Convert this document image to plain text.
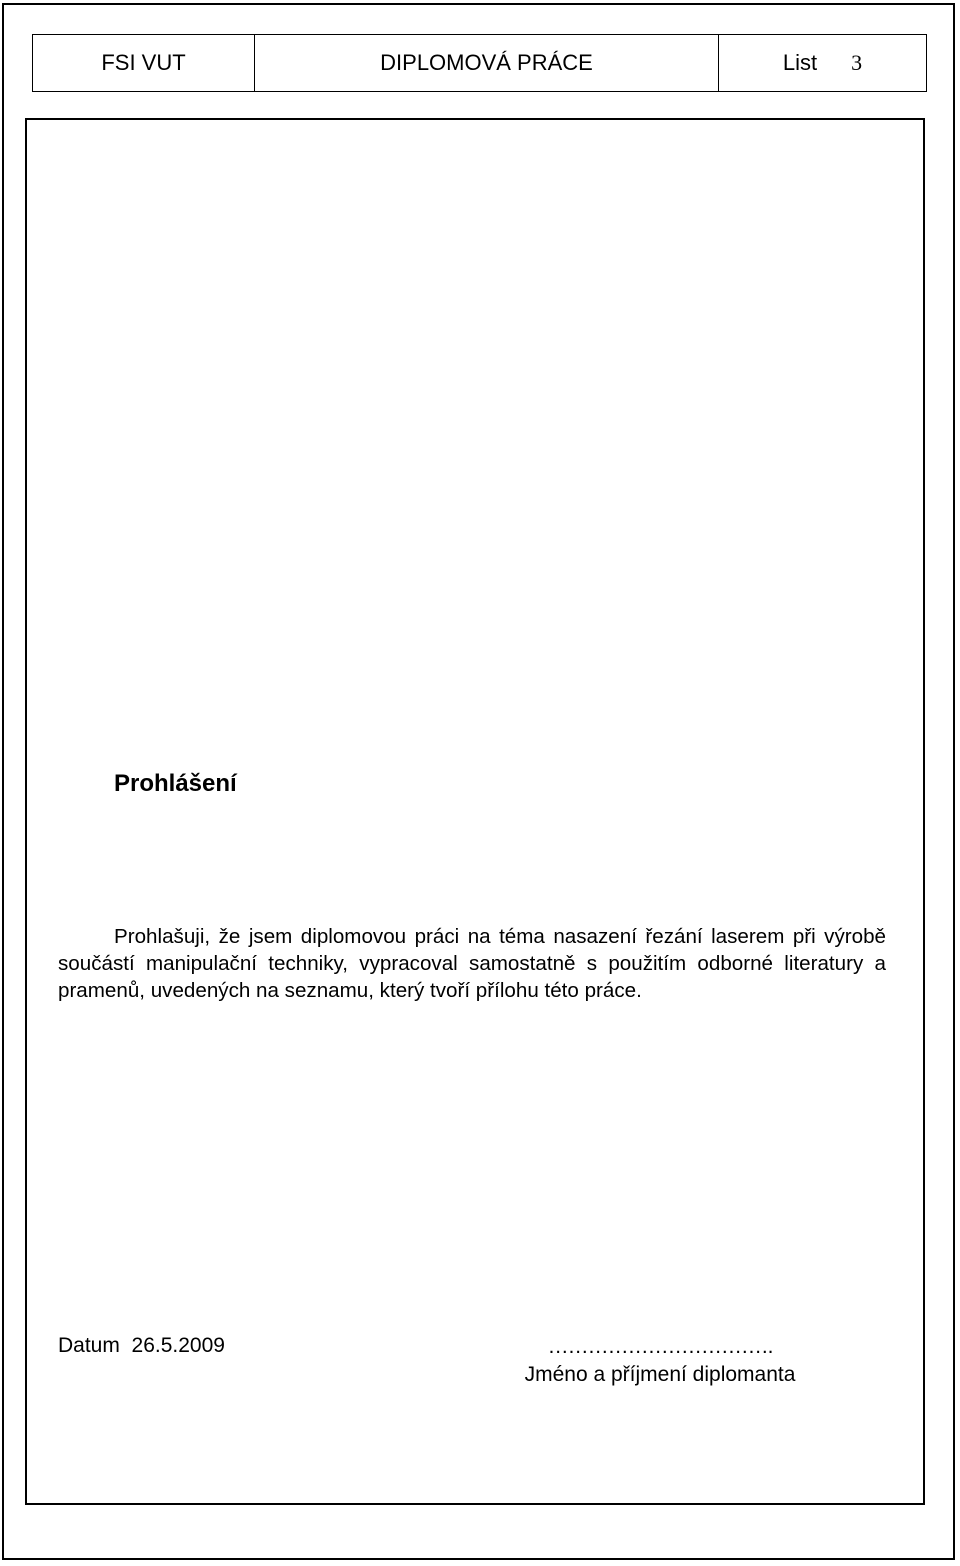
FSI VUT	DIPLOMOVÁ PRÁCE	List 3
Prohlášení

Prohlašuji, že jsem diplomovou práci na téma nasazení řezání laserem při výrobě součástí manipulační techniky, vypracoval samostatně s použitím odborné literatury a pramenů, uvedených na seznamu, který tvoří přílohu této práce.

Datum 26.5.2009	…………………………….
Jméno a příjmení diplomanta
